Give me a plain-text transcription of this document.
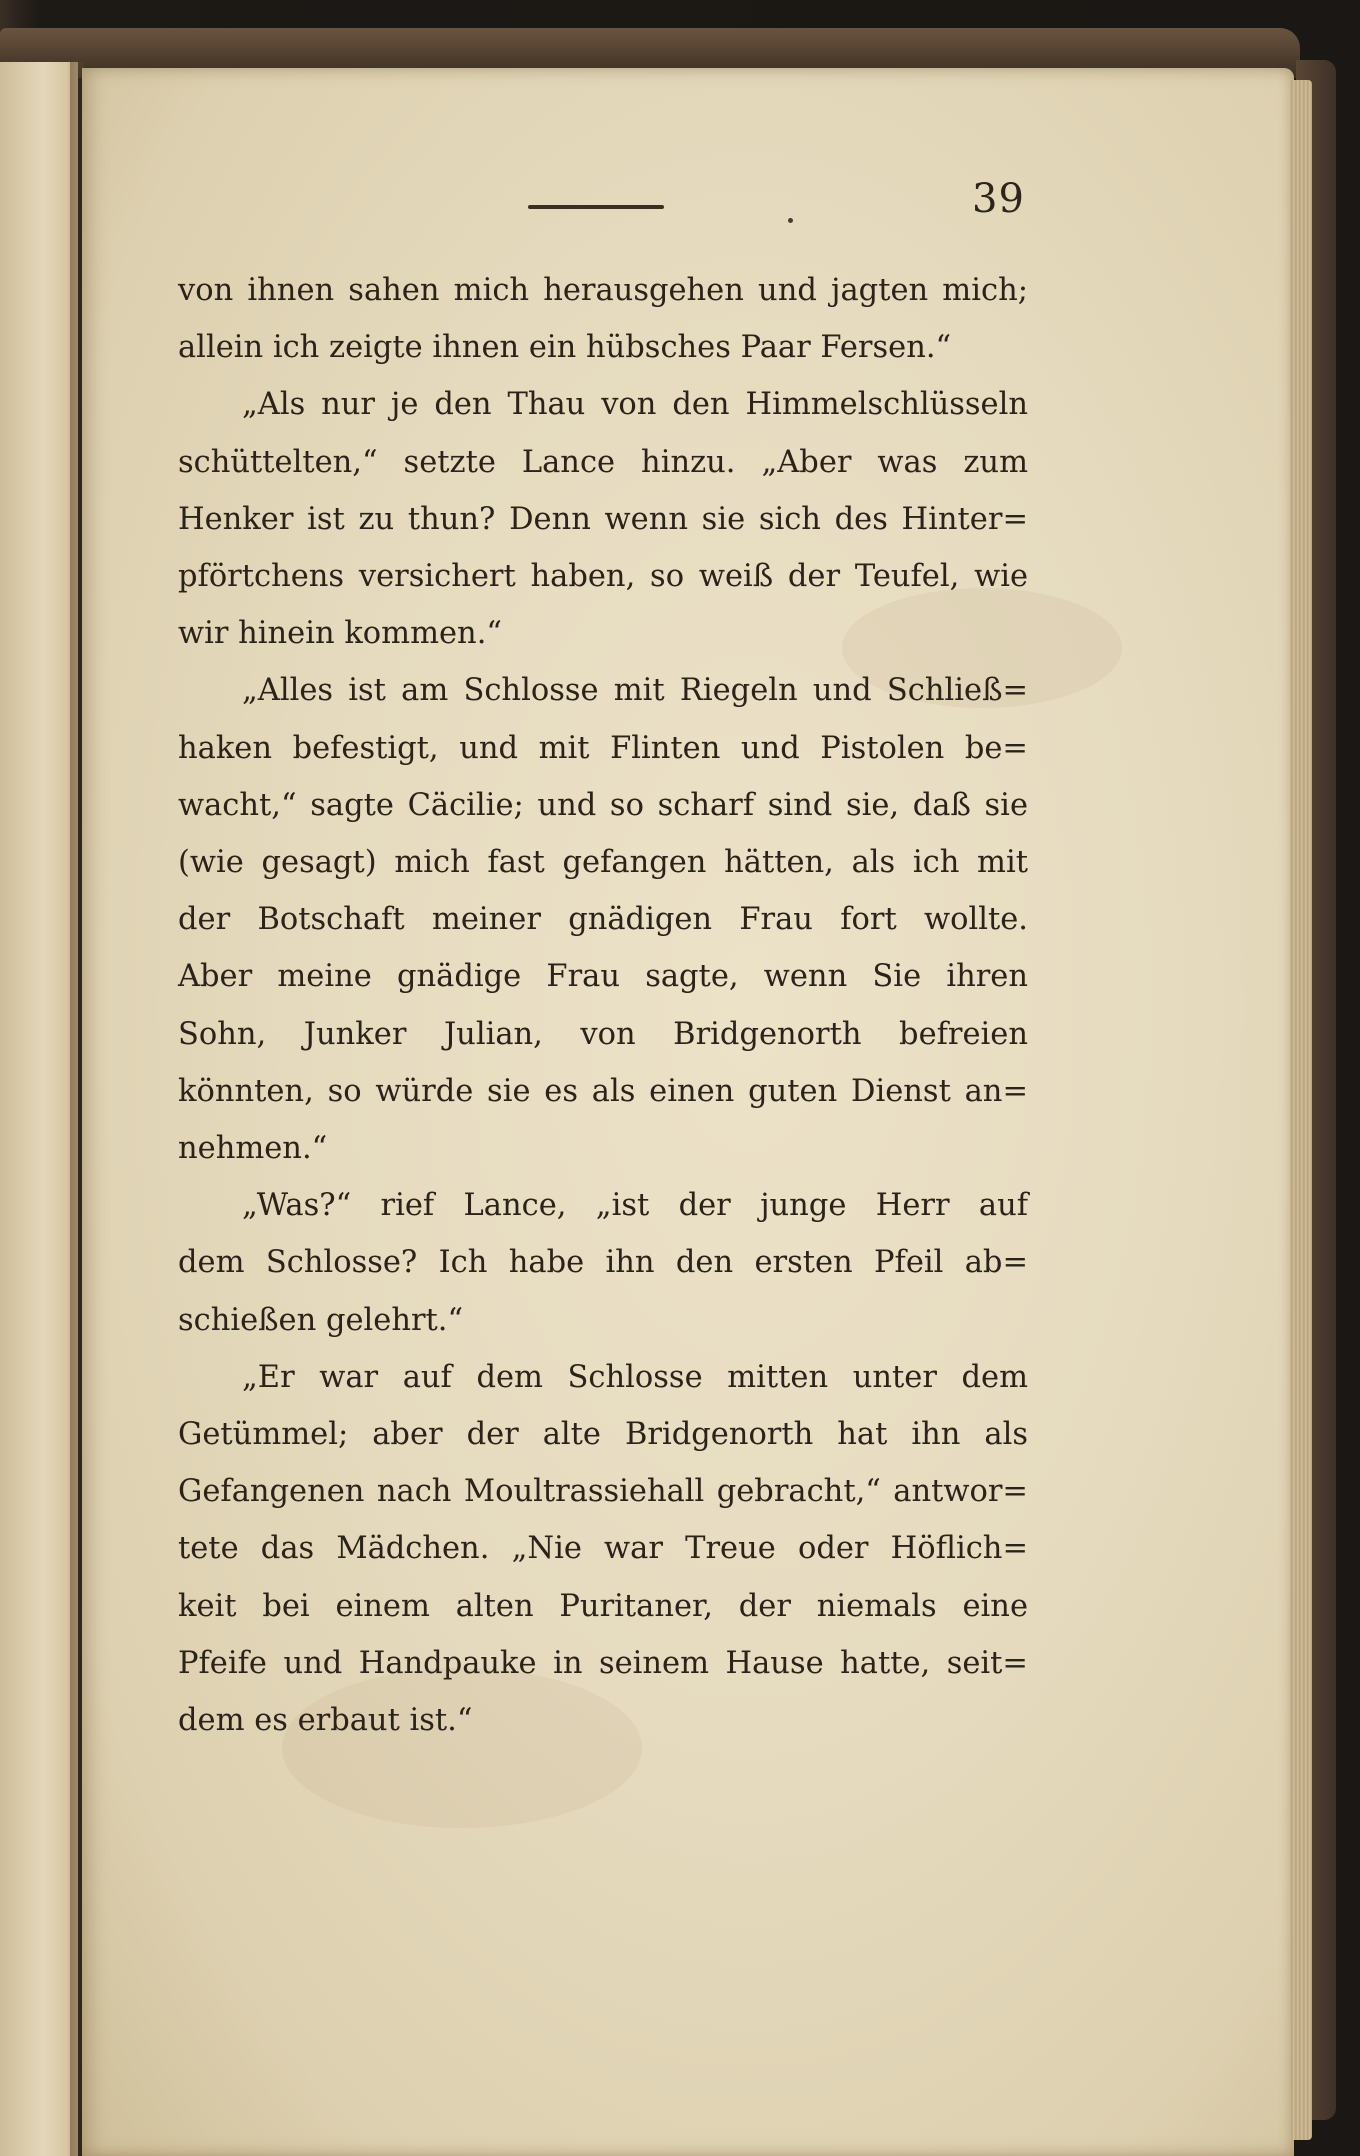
39
von ihnen sahen mich herausgehen und jagten mich;
allein ich zeigte ihnen ein hübsches Paar Fersen.“
„Als nur je den Thau von den Himmelschlüsseln
schüttelten,“ setzte Lance hinzu. „Aber was zum
Henker ist zu thun? Denn wenn sie sich des Hinter=
pförtchens versichert haben, so weiß der Teufel, wie
wir hinein kommen.“
„Alles ist am Schlosse mit Riegeln und Schließ=
haken befestigt, und mit Flinten und Pistolen be=
wacht,“ sagte Cäcilie; und so scharf sind sie, daß sie
(wie gesagt) mich fast gefangen hätten, als ich mit
der Botschaft meiner gnädigen Frau fort wollte.
Aber meine gnädige Frau sagte, wenn Sie ihren
Sohn, Junker Julian, von Bridgenorth befreien
könnten, so würde sie es als einen guten Dienst an=
nehmen.“
„Was?“ rief Lance, „ist der junge Herr auf
dem Schlosse? Ich habe ihn den ersten Pfeil ab=
schießen gelehrt.“
„Er war auf dem Schlosse mitten unter dem
Getümmel; aber der alte Bridgenorth hat ihn als
Gefangenen nach Moultrassiehall gebracht,“ antwor=
tete das Mädchen. „Nie war Treue oder Höflich=
keit bei einem alten Puritaner, der niemals eine
Pfeife und Handpauke in seinem Hause hatte, seit=
dem es erbaut ist.“
